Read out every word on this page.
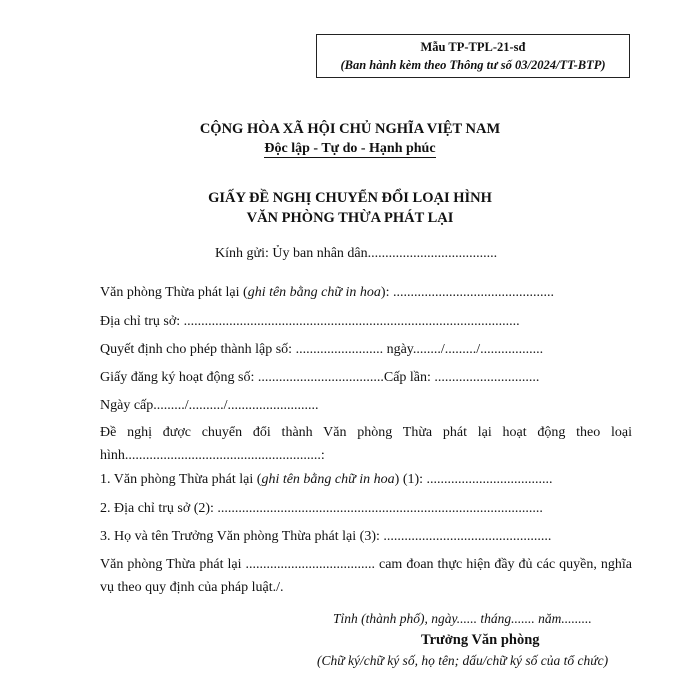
Mẫu TP-TPL-21-sđ
(Ban hành kèm theo Thông tư số 03/2024/TT-BTP)
CỘNG HÒA XÃ HỘI CHỦ NGHĨA VIỆT NAM
Độc lập - Tự do - Hạnh phúc
GIẤY ĐỀ NGHỊ CHUYỂN ĐỔI LOẠI HÌNH
VĂN PHÒNG THỪA PHÁT LẠI
Kính gửi: Ủy ban nhân dân.....................................
Văn phòng Thừa phát lại (ghi tên bằng chữ in hoa): ..............................................
Địa chỉ trụ sở: ................................................................................................
Quyết định cho phép thành lập số: ......................... ngày......../........./..................
Giấy đăng ký hoạt động số: ....................................Cấp lần: ..............................
Ngày cấp........./........../..........................
Đề nghị được chuyển đổi thành Văn phòng Thừa phát lại hoạt động theo loại hình........................................................:
1. Văn phòng Thừa phát lại (ghi tên bằng chữ in hoa) (1): ....................................
2. Địa chỉ trụ sở (2): .............................................................................................
3. Họ và tên Trưởng Văn phòng Thừa phát lại (3): ................................................
Văn phòng Thừa phát lại ..................................... cam đoan thực hiện đầy đủ các quyền, nghĩa vụ theo quy định của pháp luật./.
Tỉnh (thành phố), ngày...... tháng....... năm.........
Trưởng Văn phòng
(Chữ ký/chữ ký số, họ tên; dấu/chữ ký số của tổ chức)
